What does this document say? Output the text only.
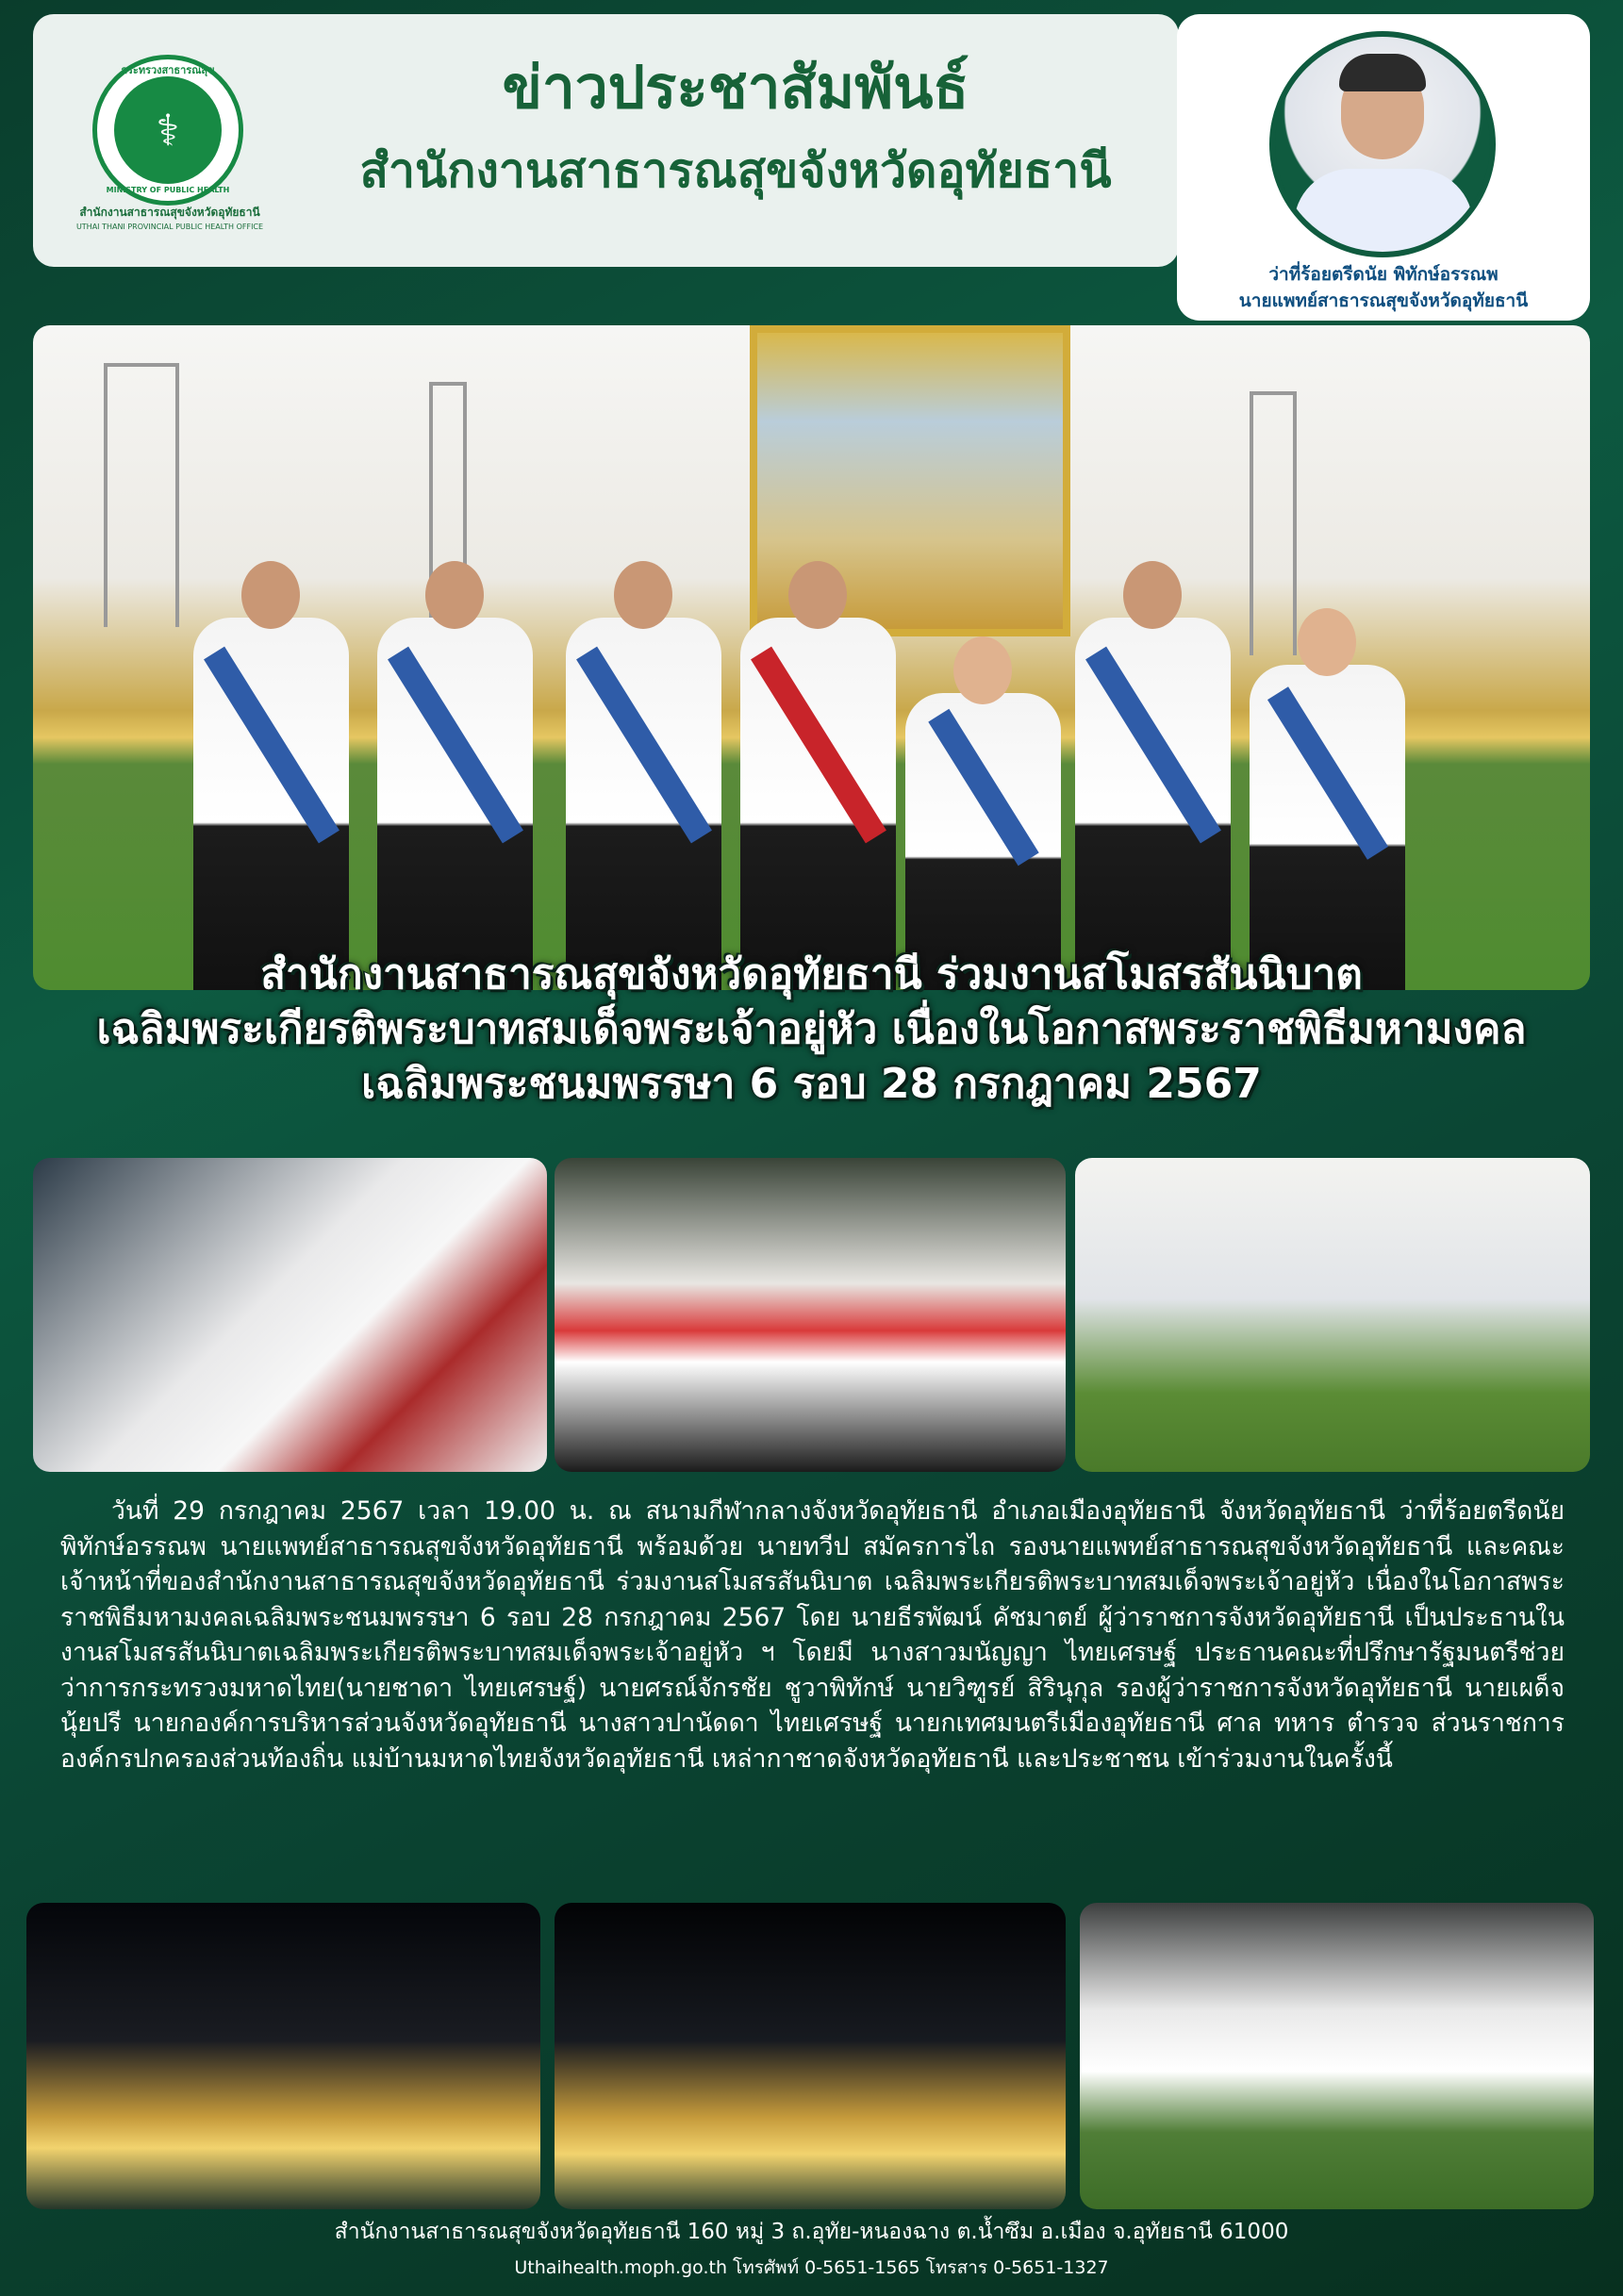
⚕
กระทรวงสาธารณสุข
MINISTRY OF PUBLIC HEALTH
สำนักงานสาธารณสุขจังหวัดอุทัยธานี
UTHAI THANI PROVINCIAL PUBLIC HEALTH OFFICE
ข่าวประชาสัมพันธ์
สำนักงานสาธารณสุขจังหวัดอุทัยธานี
ว่าที่ร้อยตรีดนัย พิทักษ์อรรณพ
นายแพทย์สาธารณสุขจังหวัดอุทัยธานี
สำนักงานสาธารณสุขจังหวัดอุทัยธานี ร่วมงานสโมสรสันนิบาต
เฉลิมพระเกียรติพระบาทสมเด็จพระเจ้าอยู่หัว เนื่องในโอกาสพระราชพิธีมหามงคล
เฉลิมพระชนมพรรษา 6 รอบ 28 กรกฎาคม 2567
วันที่ 29 กรกฎาคม 2567 เวลา 19.00 น. ณ สนามกีฬากลางจังหวัดอุทัยธานี อำเภอเมืองอุทัยธานี จังหวัดอุทัยธานี ว่าที่ร้อยตรีดนัย พิทักษ์อรรณพ นายแพทย์สาธารณสุขจังหวัดอุทัยธานี พร้อมด้วย นายทวีป สมัครการไถ รองนายแพทย์สาธารณสุขจังหวัดอุทัยธานี และคณะเจ้าหน้าที่ของสำนักงานสาธารณสุขจังหวัดอุทัยธานี ร่วมงานสโมสรสันนิบาต เฉลิมพระเกียรติพระบาทสมเด็จพระเจ้าอยู่หัว เนื่องในโอกาสพระราชพิธีมหามงคลเฉลิมพระชนมพรรษา 6 รอบ 28 กรกฎาคม 2567 โดย นายธีรพัฒน์ คัชมาตย์ ผู้ว่าราชการจังหวัดอุทัยธานี เป็นประธานในงานสโมสรสันนิบาตเฉลิมพระเกียรติพระบาทสมเด็จพระเจ้าอยู่หัว ฯ โดยมี นางสาวมนัญญา ไทยเศรษฐ์ ประธานคณะที่ปรึกษารัฐมนตรีช่วยว่าการกระทรวงมหาดไทย(นายชาดา ไทยเศรษฐ์) นายศรณ์จักรชัย ชูวาพิทักษ์ นายวิฑูรย์ สิรินุกุล รองผู้ว่าราชการจังหวัดอุทัยธานี นายเผด็จ นุ้ยปรี นายกองค์การบริหารส่วนจังหวัดอุทัยธานี นางสาวปานัดดา ไทยเศรษฐ์ นายกเทศมนตรีเมืองอุทัยธานี ศาล ทหาร ตำรวจ ส่วนราชการ องค์กรปกครองส่วนท้องถิ่น แม่บ้านมหาดไทยจังหวัดอุทัยธานี เหล่ากาชาดจังหวัดอุทัยธานี และประชาชน เข้าร่วมงานในครั้งนี้
สำนักงานสาธารณสุขจังหวัดอุทัยธานี 160 หมู่ 3 ถ.อุทัย-หนองฉาง ต.น้ำซึม อ.เมือง จ.อุทัยธานี 61000
Uthaihealth.moph.go.th โทรศัพท์ 0-5651-1565 โทรสาร 0-5651-1327
